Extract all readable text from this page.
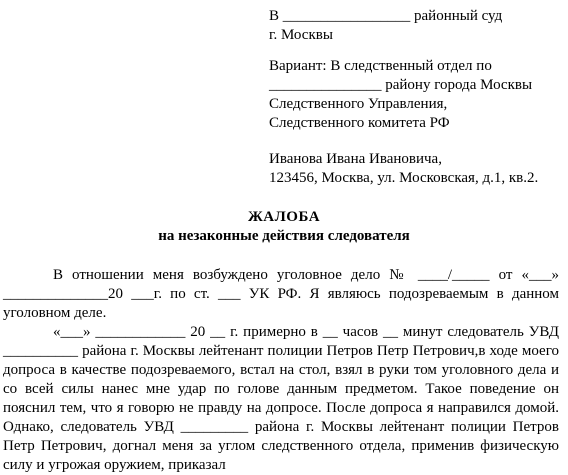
В _________________ районный суд
г. Москвы
Вариант: В следственный отдел по
_______________ району города Москвы
Следственного Управления,
Следственного комитета РФ
Иванова Ивана Ивановича,
123456, Москва, ул. Московская, д.1, кв.2.
ЖАЛОБА
на незаконные действия следователя
В отношении меня возбуждено уголовное дело № ____/_____ от «___» ______________20 ___г. по ст. ___ УК РФ. Я являюсь подозреваемым в данном уголовном деле.
«___» ____________ 20 __ г. примерно в __ часов __ минут следователь УВД __________ района г. Москвы лейтенант полиции Петров Петр Петрович,в ходе моего допроса в качестве подозреваемого, встал на стол, взял в руки том уголовного дела и со всей силы нанес мне удар по голове данным предметом. Такое поведение он пояснил тем, что я говорю не правду на допросе. После допроса я направился домой. Однако, следователь УВД _________ района г. Москвы лейтенант полиции Петров Петр Петрович, догнал меня за углом следственного отдела, применив физическую силу и угрожая оружием, приказал
